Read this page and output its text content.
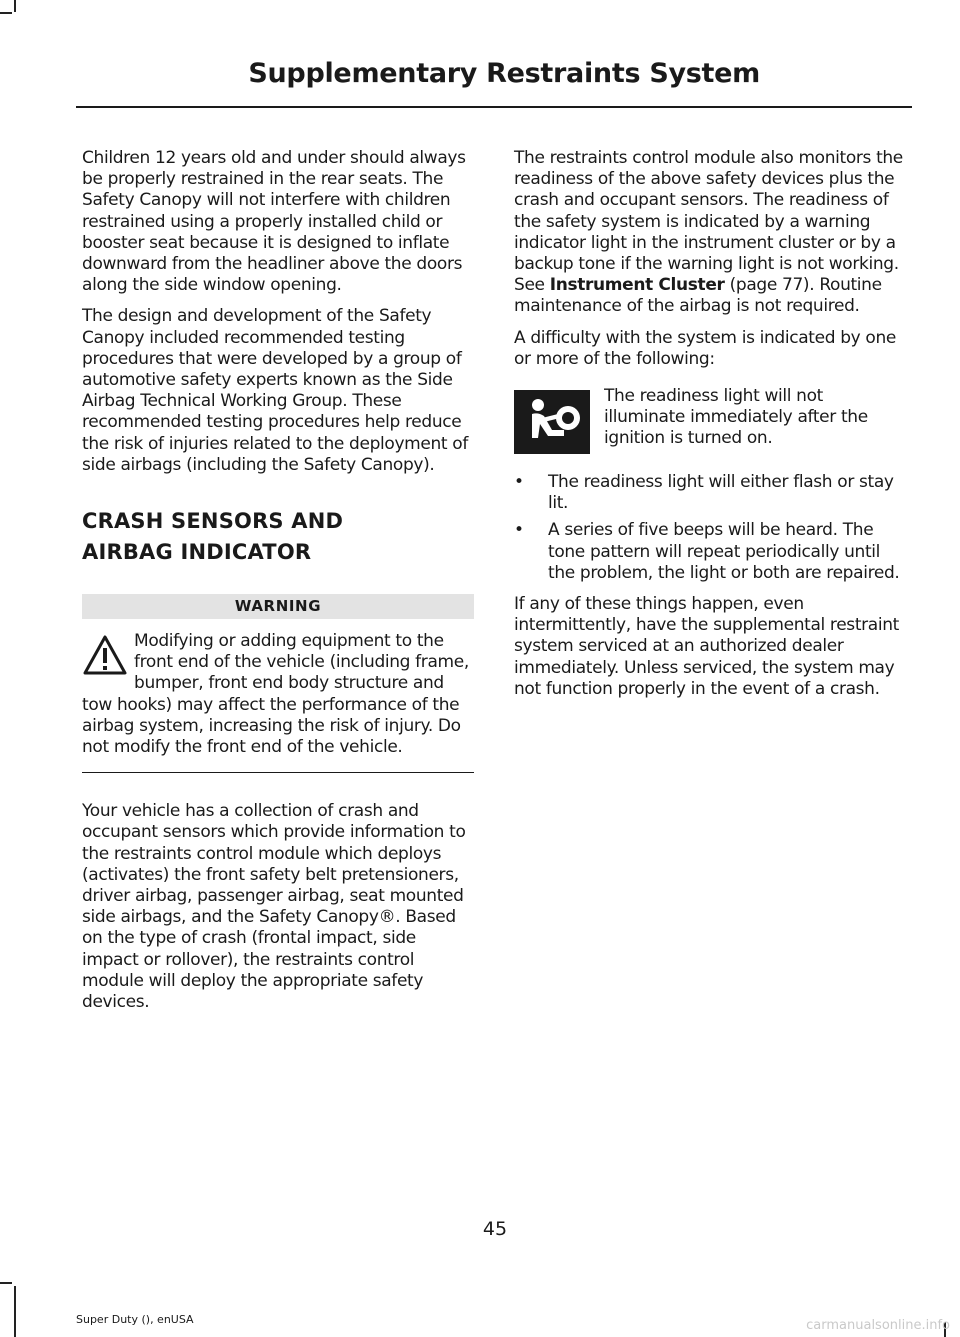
Supplementary Restraints System

Children 12 years old and under should always be properly restrained in the rear seats. The Safety Canopy will not interfere with children restrained using a properly installed child or booster seat because it is designed to inflate downward from the headliner above the doors along the side window opening.

The design and development of the Safety Canopy included recommended testing procedures that were developed by a group of automotive safety experts known as the Side Airbag Technical Working Group. These recommended testing procedures help reduce the risk of injuries related to the deployment of side airbags (including the Safety Canopy).

CRASH SENSORS AND
AIRBAG INDICATOR
WARNING
Modifying or adding equipment to the front end of the vehicle (including frame, bumper, front end body structure and tow hooks) may affect the performance of the airbag system, increasing the risk of injury. Do not modify the front end of the vehicle.

Your vehicle has a collection of crash and occupant sensors which provide information to the restraints control module which deploys (activates) the front safety belt pretensioners, driver airbag, passenger airbag, seat mounted side airbags, and the Safety Canopy®. Based on the type of crash (frontal impact, side impact or rollover), the restraints control module will deploy the appropriate safety devices.

The restraints control module also monitors the readiness of the above safety devices plus the crash and occupant sensors. The readiness of the safety system is indicated by a warning indicator light in the instrument cluster or by a backup tone if the warning light is not working. See Instrument Cluster (page 77). Routine maintenance of the airbag is not required.

A difficulty with the system is indicated by one or more of the following:

The readiness light will not illuminate immediately after the ignition is turned on.
• The readiness light will either flash or stay lit.
• A series of five beeps will be heard. The tone pattern will repeat periodically until the problem, the light or both are repaired.

If any of these things happen, even intermittently, have the supplemental restraint system serviced at an authorized dealer immediately. Unless serviced, the system may not function properly in the event of a crash.

45
Super Duty (), enUSA	carmanualsonline.info
